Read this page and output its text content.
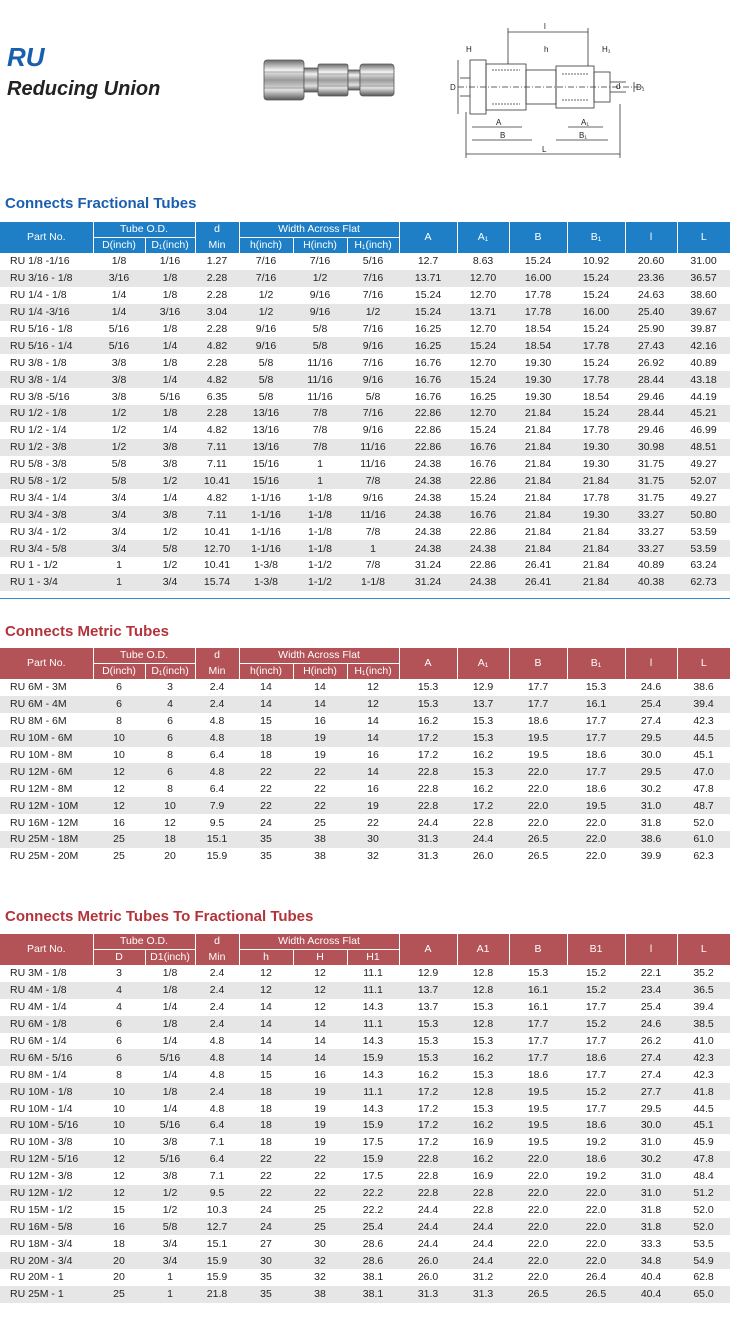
RU
Reducing Union
l
H	h	H₁
D	d D₁
A	A₁
B	B₁
L
Connects Fractional Tubes
Part No.	Tube O.D.		d	Width Across Flat			A	A₁	B	B₁	l	L
	D(inch)	D₁(inch)	Min	h(inch)	H(inch)	H₁(inch)						
RU 1/8 -1/16	1/8	1/16	1.27	7/16	7/16	5/16	12.7	8.63	15.24	10.92	20.60	31.00
RU 3/16 - 1/8	3/16	1/8	2.28	7/16	1/2	7/16	13.71	12.70	16.00	15.24	23.36	36.57
RU 1/4 - 1/8	1/4	1/8	2.28	1/2	9/16	7/16	15.24	12.70	17.78	15.24	24.63	38.60
RU 1/4 -3/16	1/4	3/16	3.04	1/2	9/16	1/2	15.24	13.71	17.78	16.00	25.40	39.67
RU 5/16 - 1/8	5/16	1/8	2.28	9/16	5/8	7/16	16.25	12.70	18.54	15.24	25.90	39.87
RU 5/16 - 1/4	5/16	1/4	4.82	9/16	5/8	9/16	16.25	15.24	18.54	17.78	27.43	42.16
RU 3/8 - 1/8	3/8	1/8	2.28	5/8	11/16	7/16	16.76	12.70	19.30	15.24	26.92	40.89
RU 3/8 - 1/4	3/8	1/4	4.82	5/8	11/16	9/16	16.76	15.24	19.30	17.78	28.44	43.18
RU 3/8 -5/16	3/8	5/16	6.35	5/8	11/16	5/8	16.76	16.25	19.30	18.54	29.46	44.19
RU 1/2 - 1/8	1/2	1/8	2.28	13/16	7/8	7/16	22.86	12.70	21.84	15.24	28.44	45.21
RU 1/2 - 1/4	1/2	1/4	4.82	13/16	7/8	9/16	22.86	15.24	21.84	17.78	29.46	46.99
RU 1/2 - 3/8	1/2	3/8	7.11	13/16	7/8	11/16	22.86	16.76	21.84	19.30	30.98	48.51
RU 5/8 - 3/8	5/8	3/8	7.11	15/16	1	11/16	24.38	16.76	21.84	19.30	31.75	49.27
RU 5/8 - 1/2	5/8	1/2	10.41	15/16	1	7/8	24.38	22.86	21.84	21.84	31.75	52.07
RU 3/4 - 1/4	3/4	1/4	4.82	1-1/16	1-1/8	9/16	24.38	15.24	21.84	17.78	31.75	49.27
RU 3/4 - 3/8	3/4	3/8	7.11	1-1/16	1-1/8	11/16	24.38	16.76	21.84	19.30	33.27	50.80
RU 3/4 - 1/2	3/4	1/2	10.41	1-1/16	1-1/8	7/8	24.38	22.86	21.84	21.84	33.27	53.59
RU 3/4 - 5/8	3/4	5/8	12.70	1-1/16	1-1/8	1	24.38	24.38	21.84	21.84	33.27	53.59
RU 1 - 1/2	1	1/2	10.41	1-3/8	1-1/2	7/8	31.24	22.86	26.41	21.84	40.89	63.24
RU 1 - 3/4	1	3/4	15.74	1-3/8	1-1/2	1-1/8	31.24	24.38	26.41	21.84	40.38	62.73
Connects Metric Tubes
Part No.	Tube O.D.		d	Width Across Flat			A	A₁	B	B₁	l	L
	D(inch)	D₁(inch)	Min	h(inch)	H(inch)	H₁(inch)						
RU 6M - 3M	6	3	2.4	14	14	12	15.3	12.9	17.7	15.3	24.6	38.6
RU 6M - 4M	6	4	2.4	14	14	12	15.3	13.7	17.7	16.1	25.4	39.4
RU 8M - 6M	8	6	4.8	15	16	14	16.2	15.3	18.6	17.7	27.4	42.3
RU 10M - 6M	10	6	4.8	18	19	14	17.2	15.3	19.5	17.7	29.5	44.5
RU 10M - 8M	10	8	6.4	18	19	16	17.2	16.2	19.5	18.6	30.0	45.1
RU 12M - 6M	12	6	4.8	22	22	14	22.8	15.3	22.0	17.7	29.5	47.0
RU 12M - 8M	12	8	6.4	22	22	16	22.8	16.2	22.0	18.6	30.2	47.8
RU 12M - 10M	12	10	7.9	22	22	19	22.8	17.2	22.0	19.5	31.0	48.7
RU 16M - 12M	16	12	9.5	24	25	22	24.4	22.8	22.0	22.0	31.8	52.0
RU 25M - 18M	25	18	15.1	35	38	30	31.3	24.4	26.5	22.0	38.6	61.0
RU 25M - 20M	25	20	15.9	35	38	32	31.3	26.0	26.5	22.0	39.9	62.3
Connects Metric Tubes To Fractional Tubes
Part No.	Tube O.D.		d	Width Across Flat			A	A1	B	B1	l	L
	D	D1(inch)	Min	h	H	H1						
RU 3M - 1/8	3	1/8	2.4	12	12	11.1	12.9	12.8	15.3	15.2	22.1	35.2
RU 4M - 1/8	4	1/8	2.4	12	12	11.1	13.7	12.8	16.1	15.2	23.4	36.5
RU 4M - 1/4	4	1/4	2.4	14	12	14.3	13.7	15.3	16.1	17.7	25.4	39.4
RU 6M - 1/8	6	1/8	2.4	14	14	11.1	15.3	12.8	17.7	15.2	24.6	38.5
RU 6M - 1/4	6	1/4	4.8	14	14	14.3	15.3	15.3	17.7	17.7	26.2	41.0
RU 6M - 5/16	6	5/16	4.8	14	14	15.9	15.3	16.2	17.7	18.6	27.4	42.3
RU 8M - 1/4	8	1/4	4.8	15	16	14.3	16.2	15.3	18.6	17.7	27.4	42.3
RU 10M - 1/8	10	1/8	2.4	18	19	11.1	17.2	12.8	19.5	15.2	27.7	41.8
RU 10M - 1/4	10	1/4	4.8	18	19	14.3	17.2	15.3	19.5	17.7	29.5	44.5
RU 10M - 5/16	10	5/16	6.4	18	19	15.9	17.2	16.2	19.5	18.6	30.0	45.1
RU 10M - 3/8	10	3/8	7.1	18	19	17.5	17.2	16.9	19.5	19.2	31.0	45.9
RU 12M - 5/16	12	5/16	6.4	22	22	15.9	22.8	16.2	22.0	18.6	30.2	47.8
RU 12M - 3/8	12	3/8	7.1	22	22	17.5	22.8	16.9	22.0	19.2	31.0	48.4
RU 12M - 1/2	12	1/2	9.5	22	22	22.2	22.8	22.8	22.0	22.0	31.0	51.2
RU 15M - 1/2	15	1/2	10.3	24	25	22.2	24.4	22.8	22.0	22.0	31.8	52.0
RU 16M - 5/8	16	5/8	12.7	24	25	25.4	24.4	24.4	22.0	22.0	31.8	52.0
RU 18M - 3/4	18	3/4	15.1	27	30	28.6	24.4	24.4	22.0	22.0	33.3	53.5
RU 20M - 3/4	20	3/4	15.9	30	32	28.6	26.0	24.4	22.0	22.0	34.8	54.9
RU 20M - 1	20	1	15.9	35	32	38.1	26.0	31.2	22.0	26.4	40.4	62.8
RU 25M - 1	25	1	21.8	35	38	38.1	31.3	31.3	26.5	26.5	40.4	65.0
